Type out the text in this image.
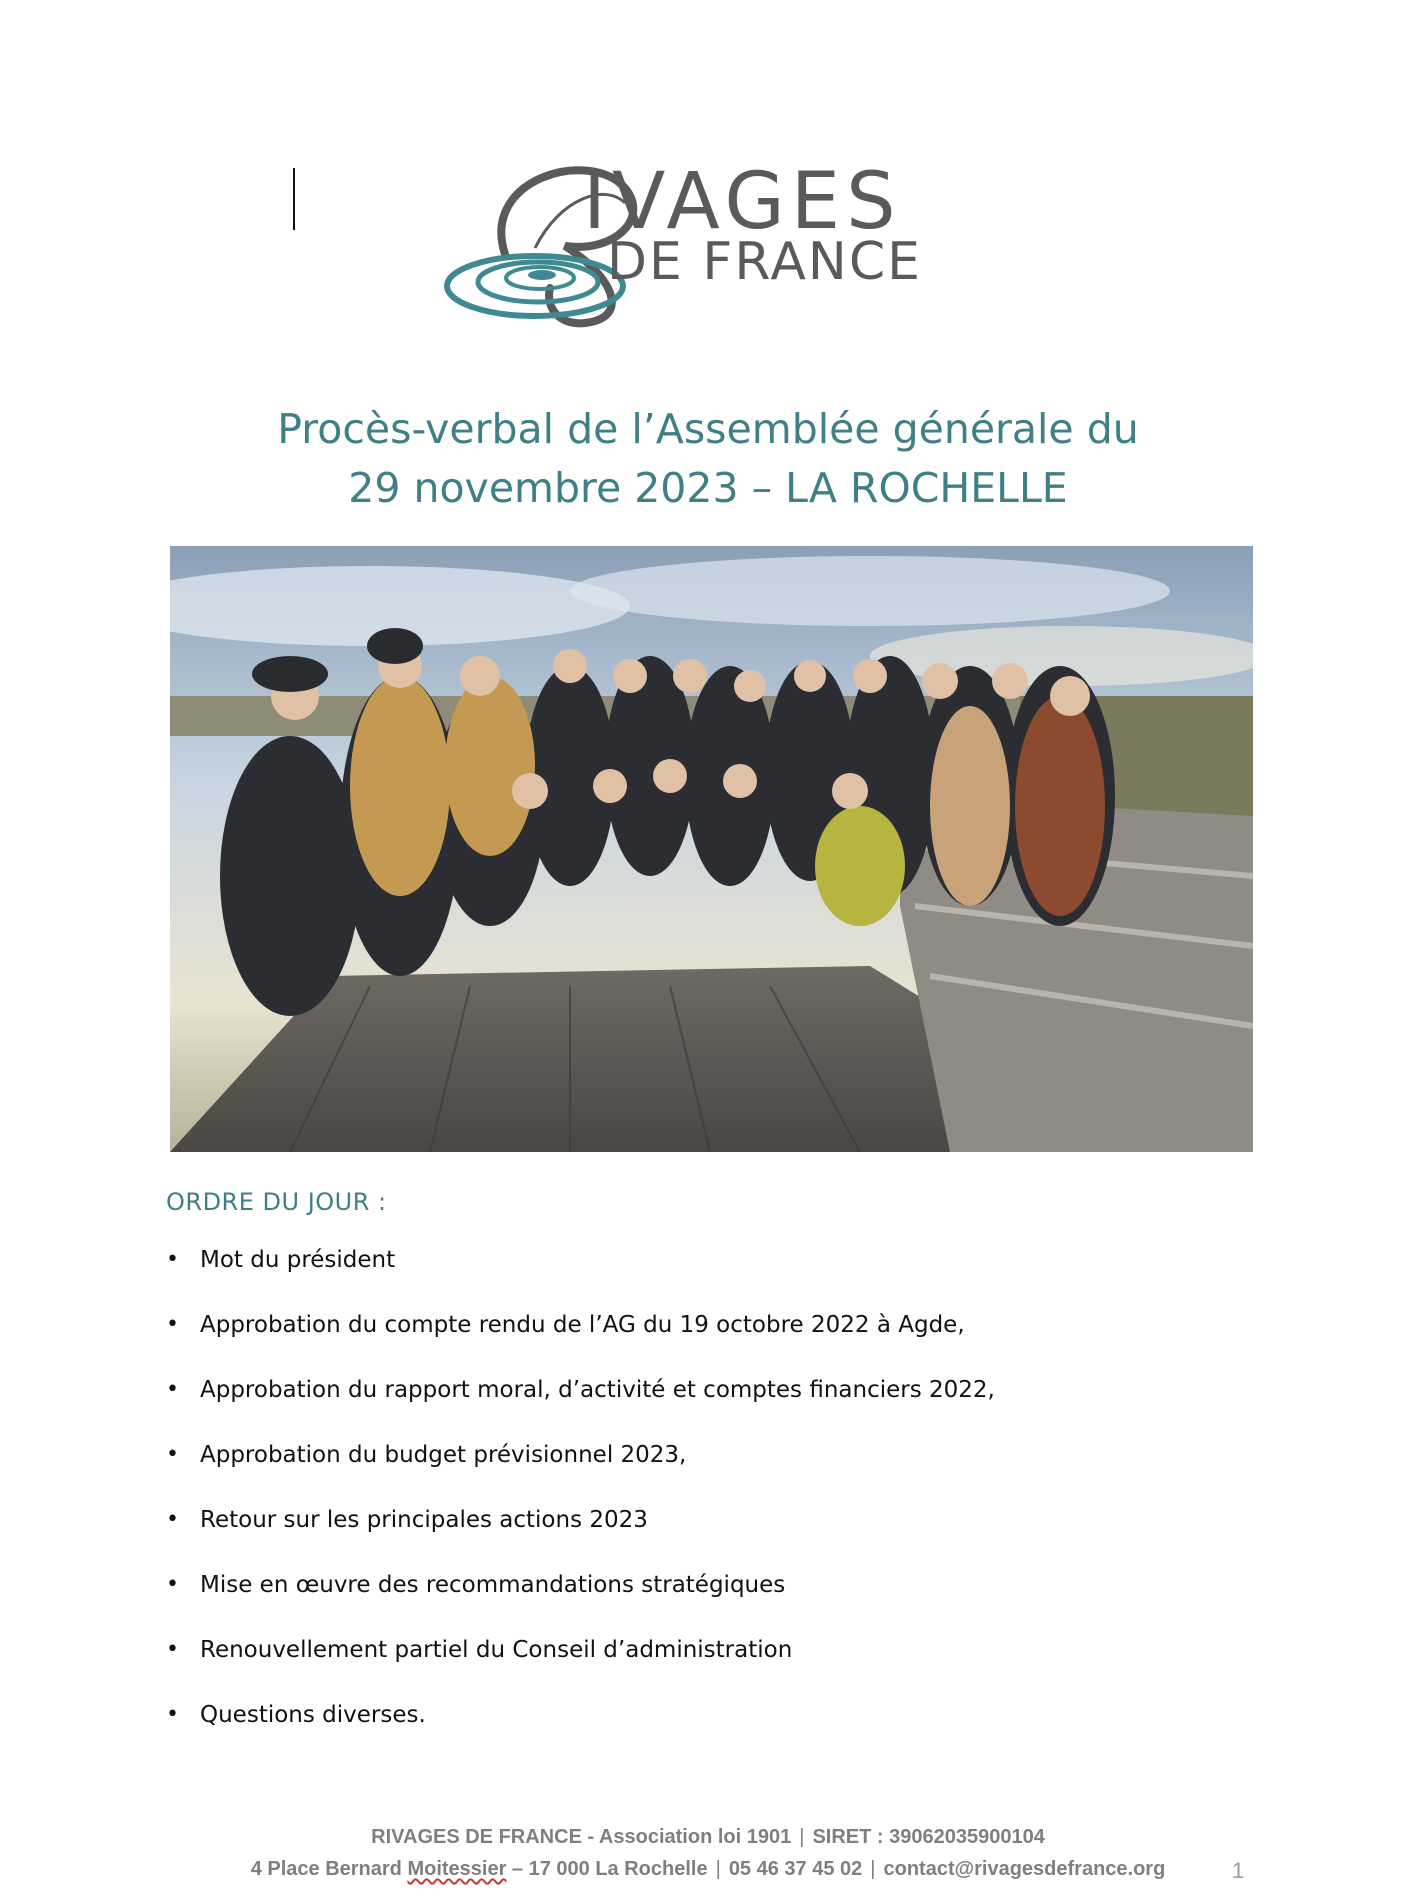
IVAGES
DE FRANCE
Procès-verbal de l’Assemblée générale du
29 novembre 2023 – LA ROCHELLE
ORDRE DU JOUR :
• Mot du président
• Approbation du compte rendu de l’AG du 19 octobre 2022 à Agde,
• Approbation du rapport moral, d’activité et comptes financiers 2022,
• Approbation du budget prévisionnel 2023,
• Retour sur les principales actions 2023
• Mise en œuvre des recommandations stratégiques
• Renouvellement partiel du Conseil d’administration
• Questions diverses.
RIVAGES DE FRANCE - Association loi 1901 | SIRET : 39062035900104
4 Place Bernard Moitessier – 17 000 La Rochelle | 05 46 37 45 02 | contact@rivagesdefrance.org	1
